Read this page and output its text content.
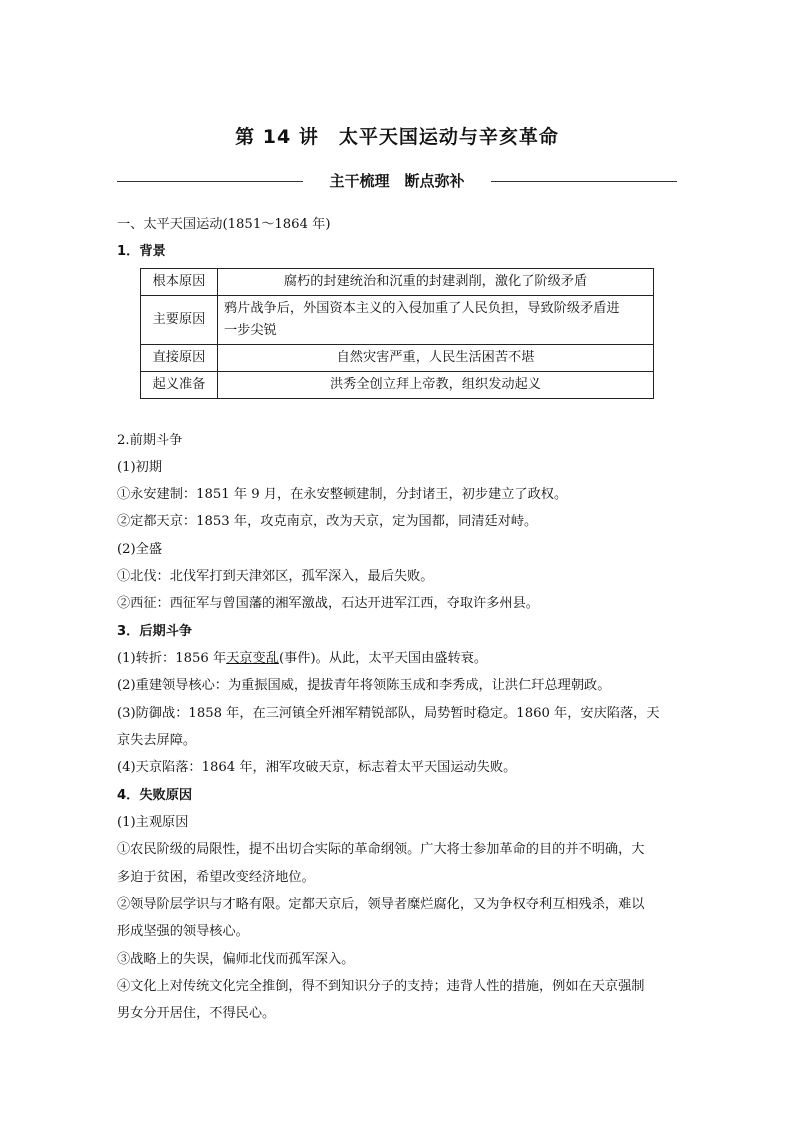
第 14 讲　太平天国运动与辛亥革命
主干梳理　断点弥补
一、太平天国运动(1851～1864 年)
1．背景
根本原因	腐朽的封建统治和沉重的封建剥削，激化了阶级矛盾
主要原因	鸦片战争后，外国资本主义的入侵加重了人民负担，导致阶级矛盾进
一步尖锐

直接原因	自然灾害严重，人民生活困苦不堪
起义准备	洪秀全创立拜上帝教，组织发动起义
2.前期斗争
(1)初期
①永安建制：1851 年 9 月，在永安整顿建制，分封诸王，初步建立了政权。
②定都天京：1853 年，攻克南京，改为天京，定为国都，同清廷对峙。
(2)全盛
①北伐：北伐军打到天津郊区，孤军深入，最后失败。
②西征：西征军与曾国藩的湘军激战，石达开进军江西，夺取许多州县。
3．后期斗争
(1)转折：1856 年天京变乱(事件)。从此，太平天国由盛转衰。
(2)重建领导核心：为重振国威，提拔青年将领陈玉成和李秀成，让洪仁玕总理朝政。
(3)防御战：1858 年，在三河镇全歼湘军精锐部队，局势暂时稳定。1860 年，安庆陷落，天
京失去屏障。
(4)天京陷落：1864 年，湘军攻破天京，标志着太平天国运动失败。
4．失败原因
(1)主观原因
①农民阶级的局限性，提不出切合实际的革命纲领。广大将士参加革命的目的并不明确，大
多迫于贫困，希望改变经济地位。
②领导阶层学识与才略有限。定都天京后，领导者糜烂腐化，又为争权夺利互相残杀，难以
形成坚强的领导核心。
③战略上的失误，偏师北伐而孤军深入。
④文化上对传统文化完全推倒，得不到知识分子的支持；违背人性的措施，例如在天京强制
男女分开居住，不得民心。
